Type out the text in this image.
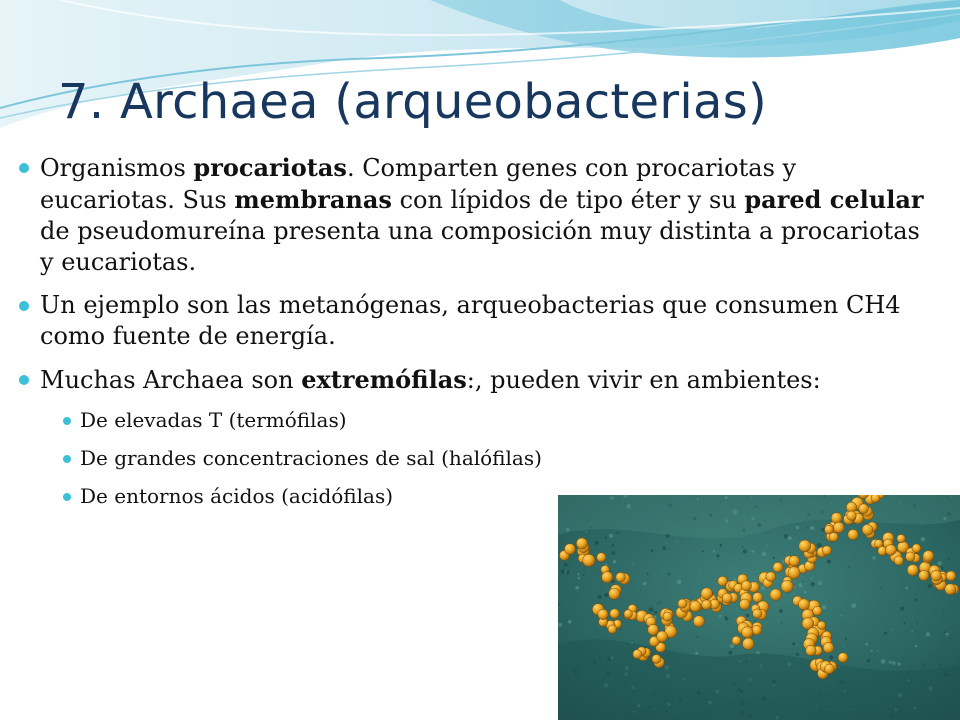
7. Archaea (arqueobacterias)
Organismos procariotas. Comparten genes con procariotas y eucariotas. Sus membranas con lípidos de tipo éter y su pared celular de pseudomureína presenta una composición muy distinta a procariotas y eucariotas.
Un ejemplo son las metanógenas, arqueobacterias que consumen CH4 como fuente de energía.
Muchas Archaea son extremófilas:, pueden vivir en ambientes:
De elevadas T (termófilas)
De grandes concentraciones de sal (halófilas)
De entornos ácidos (acidófilas)
